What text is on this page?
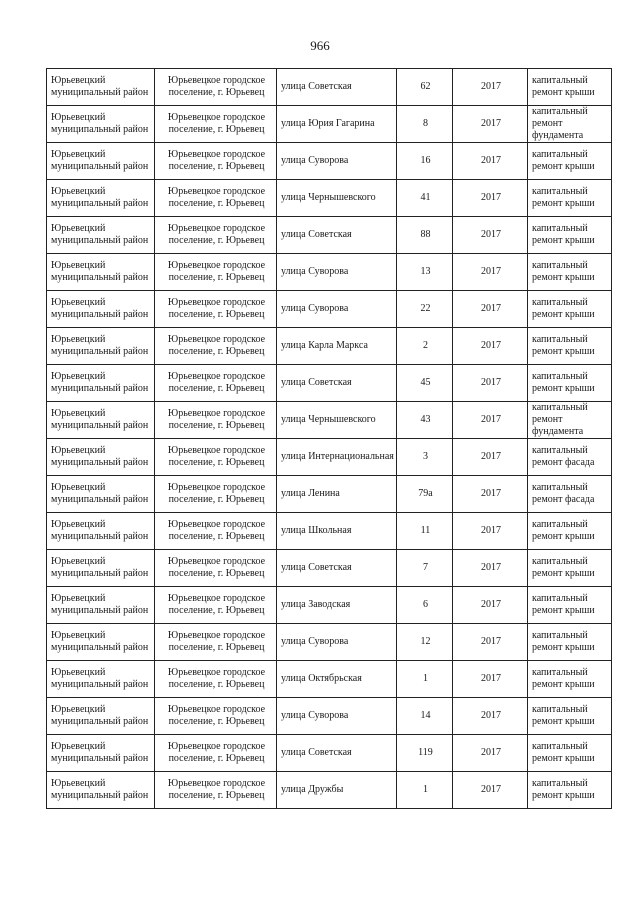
966
Юрьевецкий муниципальный район	Юрьевецкое городское поселение, г. Юрьевец	улица Советская	62	2017	капитальный ремонт крыши
Юрьевецкий муниципальный район	Юрьевецкое городское поселение, г. Юрьевец	улица Юрия Гагарина	8	2017	капитальный ремонт фундамента
Юрьевецкий муниципальный район	Юрьевецкое городское поселение, г. Юрьевец	улица Суворова	16	2017	капитальный ремонт крыши
Юрьевецкий муниципальный район	Юрьевецкое городское поселение, г. Юрьевец	улица Чернышевского	41	2017	капитальный ремонт крыши
Юрьевецкий муниципальный район	Юрьевецкое городское поселение, г. Юрьевец	улица Советская	88	2017	капитальный ремонт крыши
Юрьевецкий муниципальный район	Юрьевецкое городское поселение, г. Юрьевец	улица Суворова	13	2017	капитальный ремонт крыши
Юрьевецкий муниципальный район	Юрьевецкое городское поселение, г. Юрьевец	улица Суворова	22	2017	капитальный ремонт крыши
Юрьевецкий муниципальный район	Юрьевецкое городское поселение, г. Юрьевец	улица Карла Маркса	2	2017	капитальный ремонт крыши
Юрьевецкий муниципальный район	Юрьевецкое городское поселение, г. Юрьевец	улица Советская	45	2017	капитальный ремонт крыши
Юрьевецкий муниципальный район	Юрьевецкое городское поселение, г. Юрьевец	улица Чернышевского	43	2017	капитальный ремонт фундамента
Юрьевецкий муниципальный район	Юрьевецкое городское поселение, г. Юрьевец	улица Интернациональная	3	2017	капитальный ремонт фасада
Юрьевецкий муниципальный район	Юрьевецкое городское поселение, г. Юрьевец	улица Ленина	79а	2017	капитальный ремонт фасада
Юрьевецкий муниципальный район	Юрьевецкое городское поселение, г. Юрьевец	улица Школьная	11	2017	капитальный ремонт крыши
Юрьевецкий муниципальный район	Юрьевецкое городское поселение, г. Юрьевец	улица Советская	7	2017	капитальный ремонт крыши
Юрьевецкий муниципальный район	Юрьевецкое городское поселение, г. Юрьевец	улица Заводская	6	2017	капитальный ремонт крыши
Юрьевецкий муниципальный район	Юрьевецкое городское поселение, г. Юрьевец	улица Суворова	12	2017	капитальный ремонт крыши
Юрьевецкий муниципальный район	Юрьевецкое городское поселение, г. Юрьевец	улица Октябрьская	1	2017	капитальный ремонт крыши
Юрьевецкий муниципальный район	Юрьевецкое городское поселение, г. Юрьевец	улица Суворова	14	2017	капитальный ремонт крыши
Юрьевецкий муниципальный район	Юрьевецкое городское поселение, г. Юрьевец	улица Советская	119	2017	капитальный ремонт крыши
Юрьевецкий муниципальный район	Юрьевецкое городское поселение, г. Юрьевец	улица Дружбы	1	2017	капитальный ремонт крыши
